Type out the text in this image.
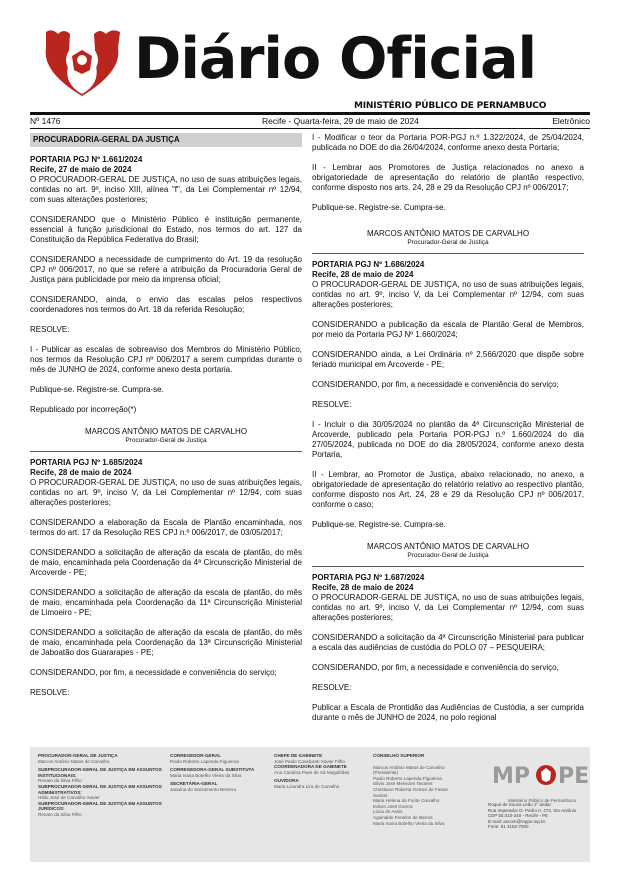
Diário Oficial
MINISTÉRIO PÚBLICO DE PERNAMBUCO
Nº 1476	Recife - Quarta-feira, 29 de maio de 2024	Eletrônico
PROCURADORIA-GERAL DA JUSTIÇA
PORTARIA PGJ Nº 1.661/2024
Recife, 27 de maio de 2024
O PROCURADOR-GERAL DE JUSTIÇA, no uso de suas atribuições legais, contidas no art. 9º, inciso XIII, alínea "f", da Lei Complementar nº 12/94, com suas alterações posteriores;
CONSIDERANDO que o Ministério Público é instituição permanente, essencial à função jurisdicional do Estado, nos termos do art. 127 da Constituição da República Federativa do Brasil;
CONSIDERANDO a necessidade de cumprimento do Art. 19 da resolução CPJ nº 006/2017, no que se refere a atribuição da Procuradoria Geral de Justiça para publicidade por meio da imprensa oficial;
CONSIDERANDO, ainda, o envio das escalas pelos respectivos coordenadores nos termos do Art. 18 da referida Resolução;
RESOLVE:
I - Publicar as escalas de sobreaviso dos Membros do Ministério Público, nos termos da Resolução CPJ nº 006/2017 a serem cumpridas durante o mês de JUNHO de 2024, conforme anexo desta portaria.
Publique-se. Registre-se. Cumpra-se.
Republicado por incorreção(*)
MARCOS ANTÔNIO MATOS DE CARVALHO
Procurador-Geral de Justiça
PORTARIA PGJ Nº 1.685/2024
Recife, 28 de maio de 2024
O PROCURADOR-GERAL DE JUSTIÇA, no uso de suas atribuições legais, contidas no art. 9º, inciso V, da Lei Complementar nº 12/94, com suas alterações posteriores;
CONSIDERANDO a elaboração da Escala de Plantão encaminhada, nos termos do art. 17 da Resolução RES CPJ n.º 006/2017, de 03/05/2017;
CONSIDERANDO a solicitação de alteração da escala de plantão, do mês de maio, encaminhada pela Coordenação da 4ª Circunscrição Ministerial de Arcoverde - PE;
CONSIDERANDO a solicitação de alteração da escala de plantão, do mês de maio, encaminhada pela Coordenação da 11ª Circunscrição Ministerial de Limoeiro - PE;
CONSIDERANDO a solicitação de alteração da escala de plantão, do mês de maio, encaminhada pela Coordenação da 13ª Circunscrição Ministerial de Jaboatão dos Guararapes - PE;
CONSIDERANDO, por fim, a necessidade e conveniência do serviço;
RESOLVE:
I - Modificar o teor da Portaria POR-PGJ n.º 1.322/2024, de 25/04/2024, publicada no DOE do dia 26/04/2024, conforme anexo desta Portaria;
II - Lembrar aos Promotores de Justiça relacionados no anexo a obrigatoriedade de apresentação do relatório de plantão respectivo, conforme disposto nos arts. 24, 28 e 29 da Resolução CPJ nº 006/2017;
Publique-se. Registre-se. Cumpra-se.
MARCOS ANTÔNIO MATOS DE CARVALHO
Procurador-Geral de Justiça
PORTARIA PGJ Nº 1.686/2024
Recife, 28 de maio de 2024
O PROCURADOR-GERAL DE JUSTIÇA, no uso de suas atribuições legais, contidas no art. 9º, inciso V, da Lei Complementar nº 12/94, com suas alterações posteriores;
CONSIDERANDO a publicação da escala de Plantão Geral de Membros, por meio da Portaria PGJ Nº 1.660/2024;
CONSIDERANDO ainda, a Lei Ordinária nº 2.566/2020 que dispõe sobre feriado municipal em Arcoverde - PE;
CONSIDERANDO, por fim, a necessidade e conveniência do serviço;
RESOLVE:
I - Incluir o dia 30/05/2024 no plantão da 4ª Circunscrição Ministerial de Arcoverde, publicado pela Portaria POR-PGJ n.º 1.660/2024 do dia 27/05/2024, publicada no DOE do dia 28/05/2024, conforme anexo desta Portaria,
II - Lembrar, ao Promotor de Justiça, abaixo relacionado, no anexo, a obrigatoriedade de apresentação do relatório relativo ao respectivo plantão, conforme disposto nos Art. 24, 28 e 29 da Resolução CPJ nº 006/2017, conforme o caso;
Publique-se. Registre-se. Cumpra-se.
MARCOS ANTÔNIO MATOS DE CARVALHO
Procurador-Geral de Justiça
PORTARIA PGJ Nº 1.687/2024
Recife, 28 de maio de 2024
O PROCURADOR-GERAL DE JUSTIÇA, no uso de suas atribuições legais, contidas no art. 9º, inciso V, da Lei Complementar nº 12/94, com suas alterações posteriores;
CONSIDERANDO a solicitação da 4ª Circunscrição Ministerial para publicar a escala das audiências de custódia do POLO 07 – PESQUEIRA;
CONSIDERANDO, por fim, a necessidade e conveniência do serviço,
RESOLVE:
Publicar a Escala de Prontidão das Audiências de Custódia, a ser cumprida durante o mês de JUNHO de 2024, no polo regional
PROCURADOR-GERAL DE JUSTIÇA
Marcos Antônio Matos de Carvalho
SUBPROCURADOR-GERAL DE JUSTIÇA EM ASSUNTOS INSTITUCIONAIS:
Renato da Silva Filho
SUBPROCURADOR-GERAL DE JUSTIÇA EM ASSUNTOS ADMINISTRATIVOS:
Hélio José de Carvalho Xavier
SUBPROCURADOR-GERAL DE JUSTIÇA EM ASSUNTOS JURÍDICOS:
Renato da Silva Filho
CORREGEDOR-GERAL
Paulo Roberto Lapenda Figueiroa
CORREGEDORA-GERAL SUBSTITUTA
Maria Ivana Botelho Vieira da Silva
SECRETÁRIA-GERAL
Janaína do Sacramento Bezerra
CHEFE DE GABINETE
José Paulo Cavalcanti Xavier Filho
COORDENADORA DE GABINETE
Ana Carolina Paes de Sá Magalhães
OUVIDORA
Maria Lizandra Lira de Carvalho
CONSELHO SUPERIOR
Marcos Antônio Matos de Carvalho
(Presidente)
Paulo Roberto Lapenda Figueiroa
Sílvio José Menezes Tavares
Christiane Roberta Gomes de Farias
Santos
Maria Helena da Fonte Carvalho
Edson José Guerra
Lúcia de Assis
Aguinaldo Fenelon de Barros
Maria Ivana Botelho Vieira da Silva
MP PE
Ministério Público de Pernambuco
Roque de Souza Leão 1º andar
Rua Imperador D. Pedro II, 473, Sto Antônio
CEP 50.010-240 - Recife - PE
E-mail: ascom@mppe.mp.br
Fone: 81 3182-7000
